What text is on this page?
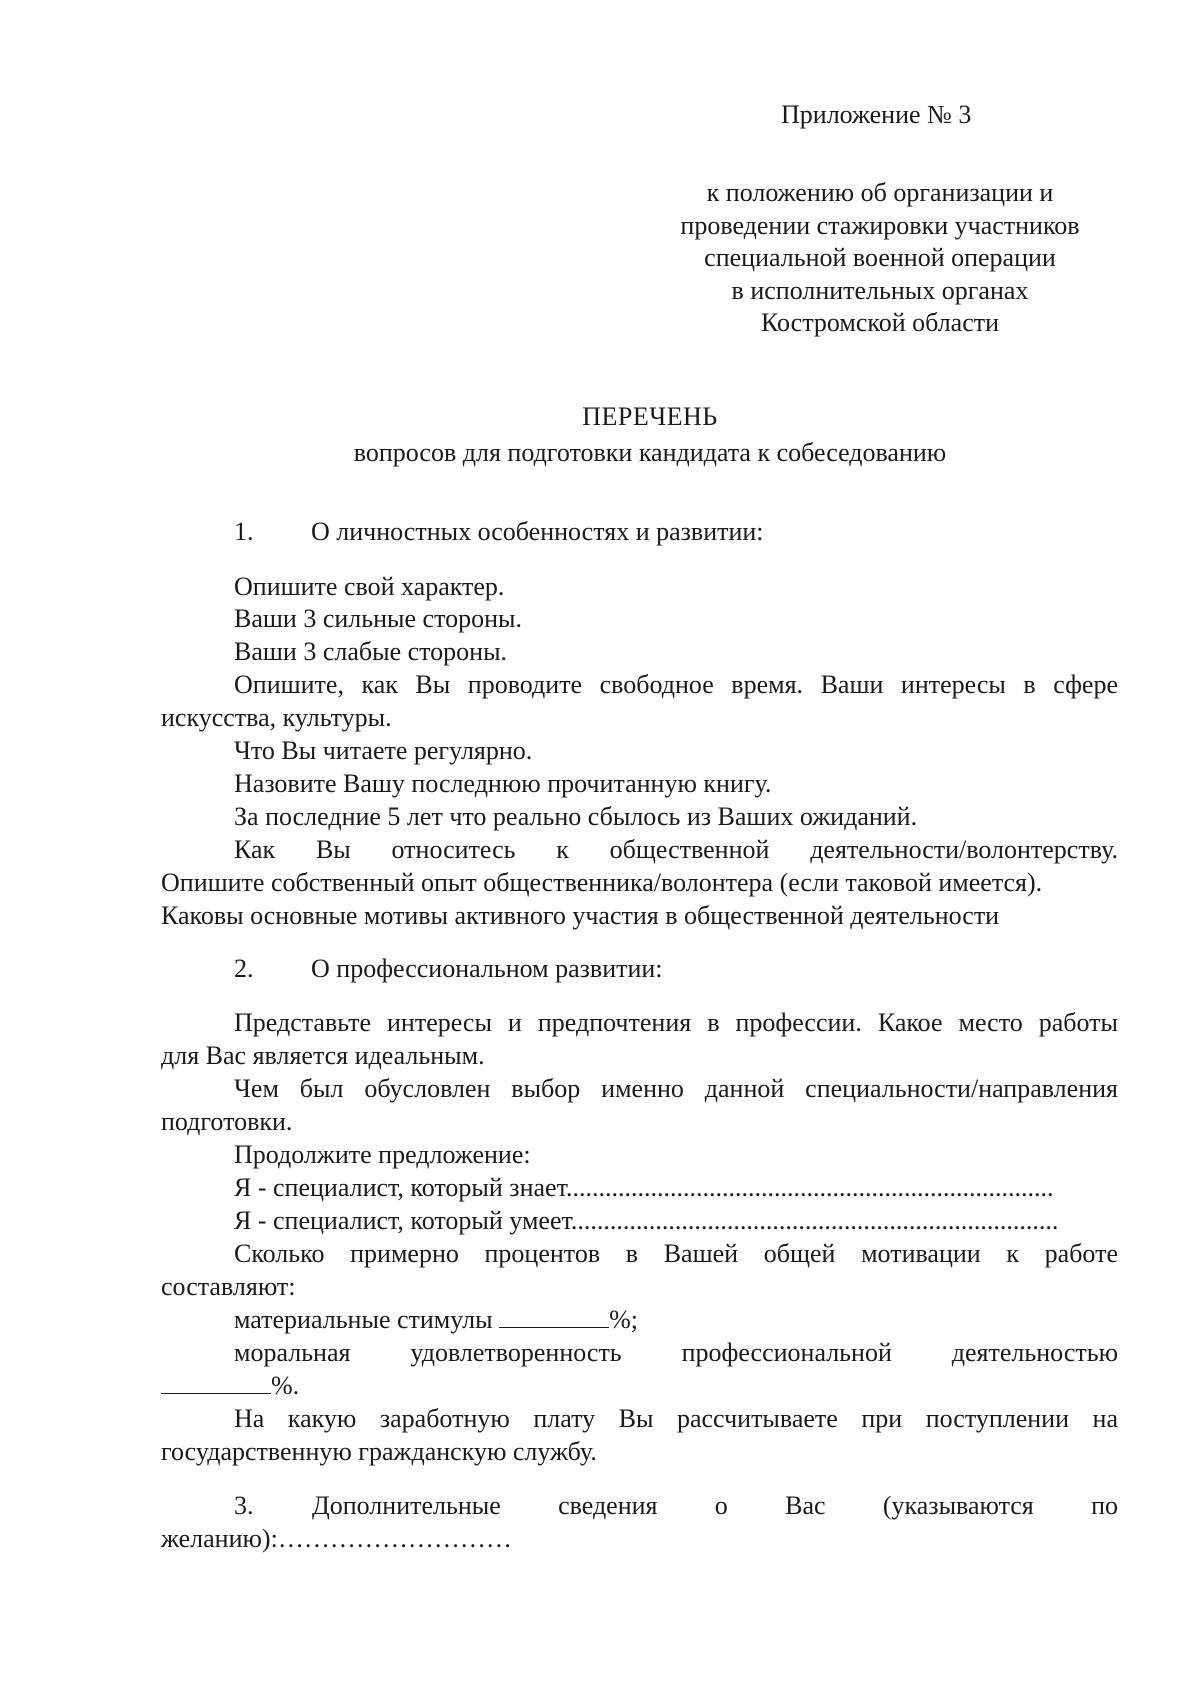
Приложение № 3
к положению об организации и
проведении стажировки участников
специальной военной операции
в исполнительных органах
Костромской области
ПЕРЕЧЕНЬ
вопросов для подготовки кандидата к собеседованию
1. О личностных особенностях и развитии:
Опишите свой характер.
Ваши 3 сильные стороны.
Ваши 3 слабые стороны.
Опишите, как Вы проводите свободное время. Ваши интересы в сфере
искусства, культуры.
Что Вы читаете регулярно.
Назовите Вашу последнюю прочитанную книгу.
За последние 5 лет что реально сбылось из Ваших ожиданий.
Как Вы относитесь к общественной деятельности/волонтерству.
Опишите собственный опыт общественника/волонтера (если таковой имеется).
Каковы основные мотивы активного участия в общественной деятельности
2. О профессиональном развитии:
Представьте интересы и предпочтения в профессии. Какое место работы
для Вас является идеальным.
Чем был обусловлен выбор именно данной специальности/направления
подготовки.
Продолжите предложение:
Я - специалист, который знает...........................................................................
Я - специалист, который умеет...........................................................................
Сколько примерно процентов в Вашей общей мотивации к работе
составляют:
материальные стимулы	%;
моральная удовлетворенность профессиональной деятельностью
%.
На какую заработную плату Вы рассчитываете при поступлении на
государственную гражданскую службу.
3. Дополнительные сведения о Вас (указываются по
желанию):………………………
